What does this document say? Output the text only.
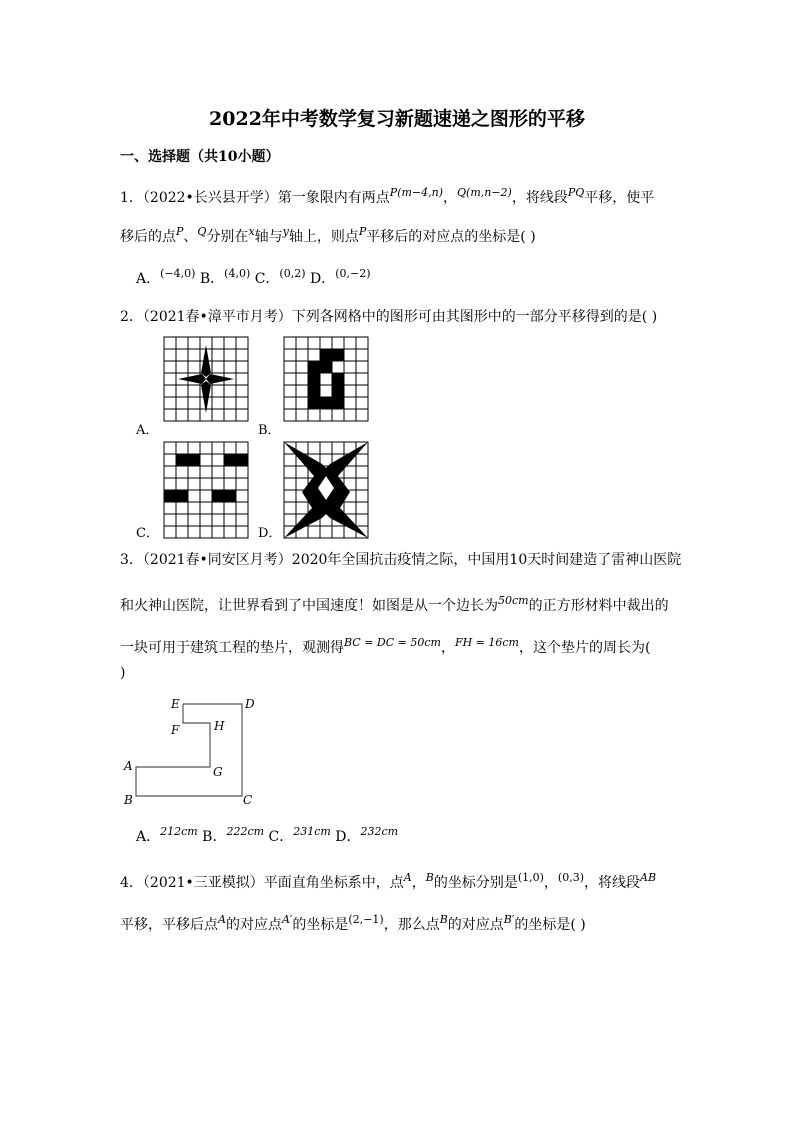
2022年中考数学复习新题速递之图形的平移
一、选择题（共10小题）
1．（2022•长兴县开学）第一象限内有两点$^{P(m-4,n)}$，$^{Q(m,n-2)}$，将线段$^{PQ}$平移，使平
移后的点$^P$、$^Q$分别在$^x$轴与$^y$轴上，则点$^P$平移后的对应点的坐标是( )
A．$^{(-4,0)}$ B．$^{(4,0)}$ C．$^{(0,2)}$ D．$^{(0,-2)}$
2．（2021春•漳平市月考）下列各网格中的图形可由其图形中的一部分平移得到的是( )
A．	B．
C．	D．
3．（2021春•同安区月考）2020年全国抗击疫情之际，中国用10天时间建造了雷神山医院
和火神山医院，让世界看到了中国速度！如图是从一个边长为$^{50cm}$的正方形材料中裁出的
一块可用于建筑工程的垫片，观测得$^{BC = DC = 50cm}$，$^{FH = 16cm}$，这个垫片的周长为(
)
E	D
F	H
A	G
B	C
A．$^{212cm}$ B．$^{222cm}$ C．$^{231cm}$ D．$^{232cm}$
4．（2021•三亚模拟）平面直角坐标系中，点$^A$，$^B$的坐标分别是$^{(1,0)}$，$^{(0,3)}$，将线段$^{AB}$
平移，平移后点$^A$的对应点$^{A'}$的坐标是$^{(2,-1)}$，那么点$^B$的对应点$^{B'}$的坐标是( )
